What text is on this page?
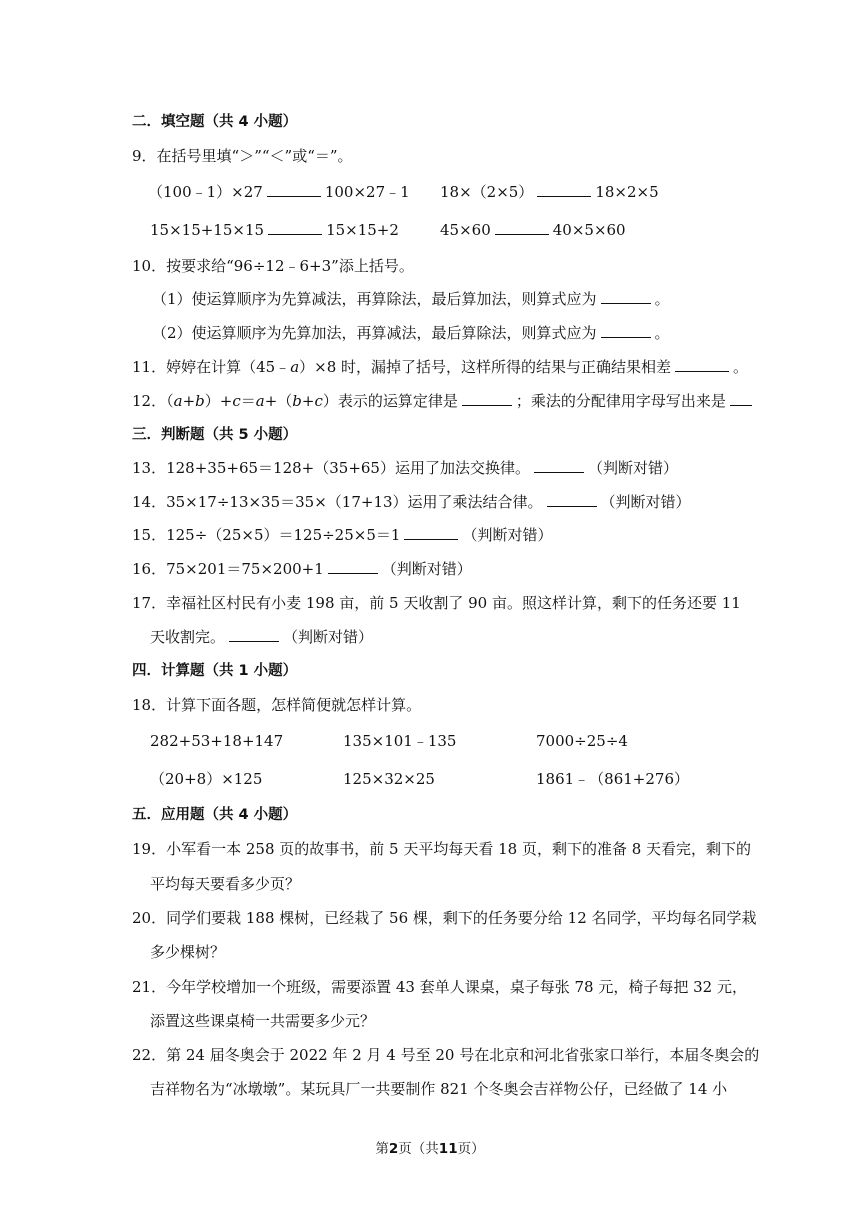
二．填空题（共 4 小题）
9．在括号里填“＞”“＜”或“＝”。
（100﹣1）×27	100×27﹣1 18×（2×5）	18×2×5
15×15+15×15	15×15+2	45×60	40×5×60
10．按要求给“96÷12﹣6+3”添上括号。
（1）使运算顺序为先算减法，再算除法，最后算加法，则算式应为	。
（2）使运算顺序为先算加法，再算减法，最后算除法，则算式应为	。
11．婷婷在计算（45﹣a）×8 时，漏掉了括号，这样所得的结果与正确结果相差	。
12．（a+b）+c＝a+（b+c）表示的运算定律是	；乘法的分配律用字母写出来是
三．判断题（共 5 小题）
13．128+35+65＝128+（35+65）运用了加法交换律。	（判断对错）
14．35×17÷13×35＝35×（17+13）运用了乘法结合律。	（判断对错）
15．125÷（25×5）＝125÷25×5＝1	（判断对错）
16．75×201＝75×200+1	（判断对错）
17．幸福社区村民有小麦 198 亩，前 5 天收割了 90 亩。照这样计算，剩下的任务还要 11
天收割完。	（判断对错）
四．计算题（共 1 小题）
18．计算下面各题，怎样简便就怎样计算。
282+53+18+147	135×101﹣135	7000÷25÷4
（20+8）×125	125×32×25	1861﹣（861+276）
五．应用题（共 4 小题）
19．小军看一本 258 页的故事书，前 5 天平均每天看 18 页，剩下的准备 8 天看完，剩下的
平均每天要看多少页？
20．同学们要栽 188 棵树，已经栽了 56 棵，剩下的任务要分给 12 名同学，平均每名同学栽
多少棵树？
21．今年学校增加一个班级，需要添置 43 套单人课桌，桌子每张 78 元，椅子每把 32 元，
添置这些课桌椅一共需要多少元？
22．第 24 届冬奥会于 2022 年 2 月 4 号至 20 号在北京和河北省张家口举行，本届冬奥会的
吉祥物名为“冰墩墩”。某玩具厂一共要制作 821 个冬奥会吉祥物公仔，已经做了 14 小
第2页（共11页）
